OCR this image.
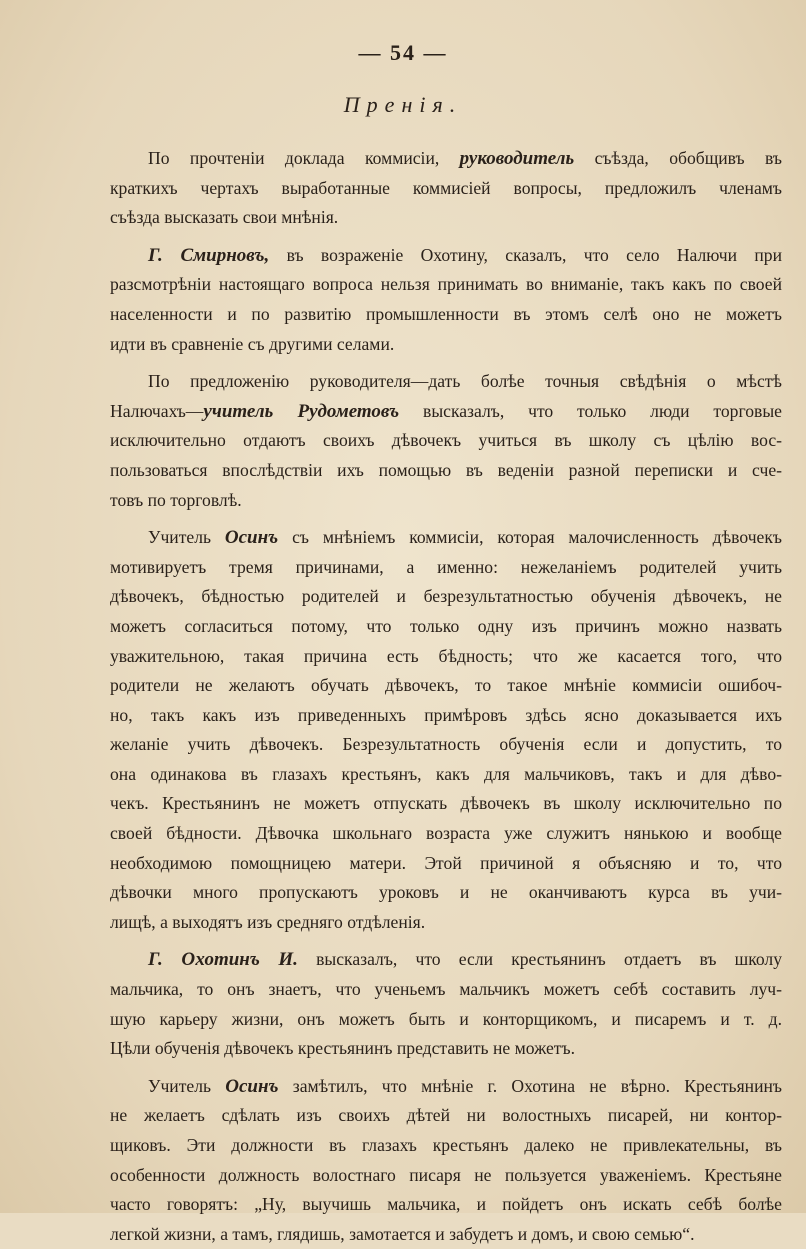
— 54 —
Пренія.
По прочтеніи доклада коммисіи, руководитель съѣзда, обобщивъ въ
краткихъ чертахъ выработанные коммисіей вопросы, предложилъ членамъ
съѣзда высказать свои мнѣнія.
Г. Смирновъ, въ возраженіе Охотину, сказалъ, что село Налючи при
разсмотрѣніи настоящаго вопроса нельзя принимать во вниманіе, такъ какъ по своей
населенности и по развитію промышленности въ этомъ селѣ оно не можетъ
идти въ сравненіе съ другими селами.
По предложенію руководителя—дать болѣе точныя свѣдѣнія о мѣстѣ
Налючахъ—учитель Рудометовъ высказалъ, что только люди торговые
исключительно отдаютъ своихъ дѣвочекъ учиться въ школу съ цѣлію вос-
пользоваться впослѣдствіи ихъ помощью въ веденіи разной переписки и сче-
товъ по торговлѣ.
Учитель Осинъ съ мнѣніемъ коммисіи, которая малочисленность дѣвочекъ
мотивируетъ тремя причинами, а именно: нежеланіемъ родителей учить
дѣвочекъ, бѣдностью родителей и безрезультатностью обученія дѣвочекъ, не
можетъ согласиться потому, что только одну изъ причинъ можно назвать
уважительною, такая причина есть бѣдность; что же касается того, что
родители не желаютъ обучать дѣвочекъ, то такое мнѣніе коммисіи ошибоч-
но, такъ какъ изъ приведенныхъ примѣровъ здѣсь ясно доказывается ихъ
желаніе учить дѣвочекъ. Безрезультатность обученія если и допустить, то
она одинакова въ глазахъ крестьянъ, какъ для мальчиковъ, такъ и для дѣво-
чекъ. Крестьянинъ не можетъ отпускать дѣвочекъ въ школу исключительно по
своей бѣдности. Дѣвочка школьнаго возраста уже служитъ нянькою и вообще
необходимою помощницею матери. Этой причиной я объясняю и то, что
дѣвочки много пропускаютъ уроковъ и не оканчиваютъ курса въ учи-
лищѣ, а выходятъ изъ средняго отдѣленія.
Г. Охотинъ И. высказалъ, что если крестьянинъ отдаетъ въ школу
мальчика, то онъ знаетъ, что ученьемъ мальчикъ можетъ себѣ составить луч-
шую карьеру жизни, онъ можетъ быть и конторщикомъ, и писаремъ и т. д.
Цѣли обученія дѣвочекъ крестьянинъ представить не можетъ.
Учитель Осинъ замѣтилъ, что мнѣніе г. Охотина не вѣрно. Крестьянинъ
не желаетъ сдѣлать изъ своихъ дѣтей ни волостныхъ писарей, ни контор-
щиковъ. Эти должности въ глазахъ крестьянъ далеко не привлекательны, въ
особенности должность волостнаго писаря не пользуется уваженіемъ. Крестьяне
часто говорятъ: „Ну, выучишь мальчика, и пойдетъ онъ искать себѣ болѣе
легкой жизни, а тамъ, глядишь, замотается и забудетъ и домъ, и свою семью“.
